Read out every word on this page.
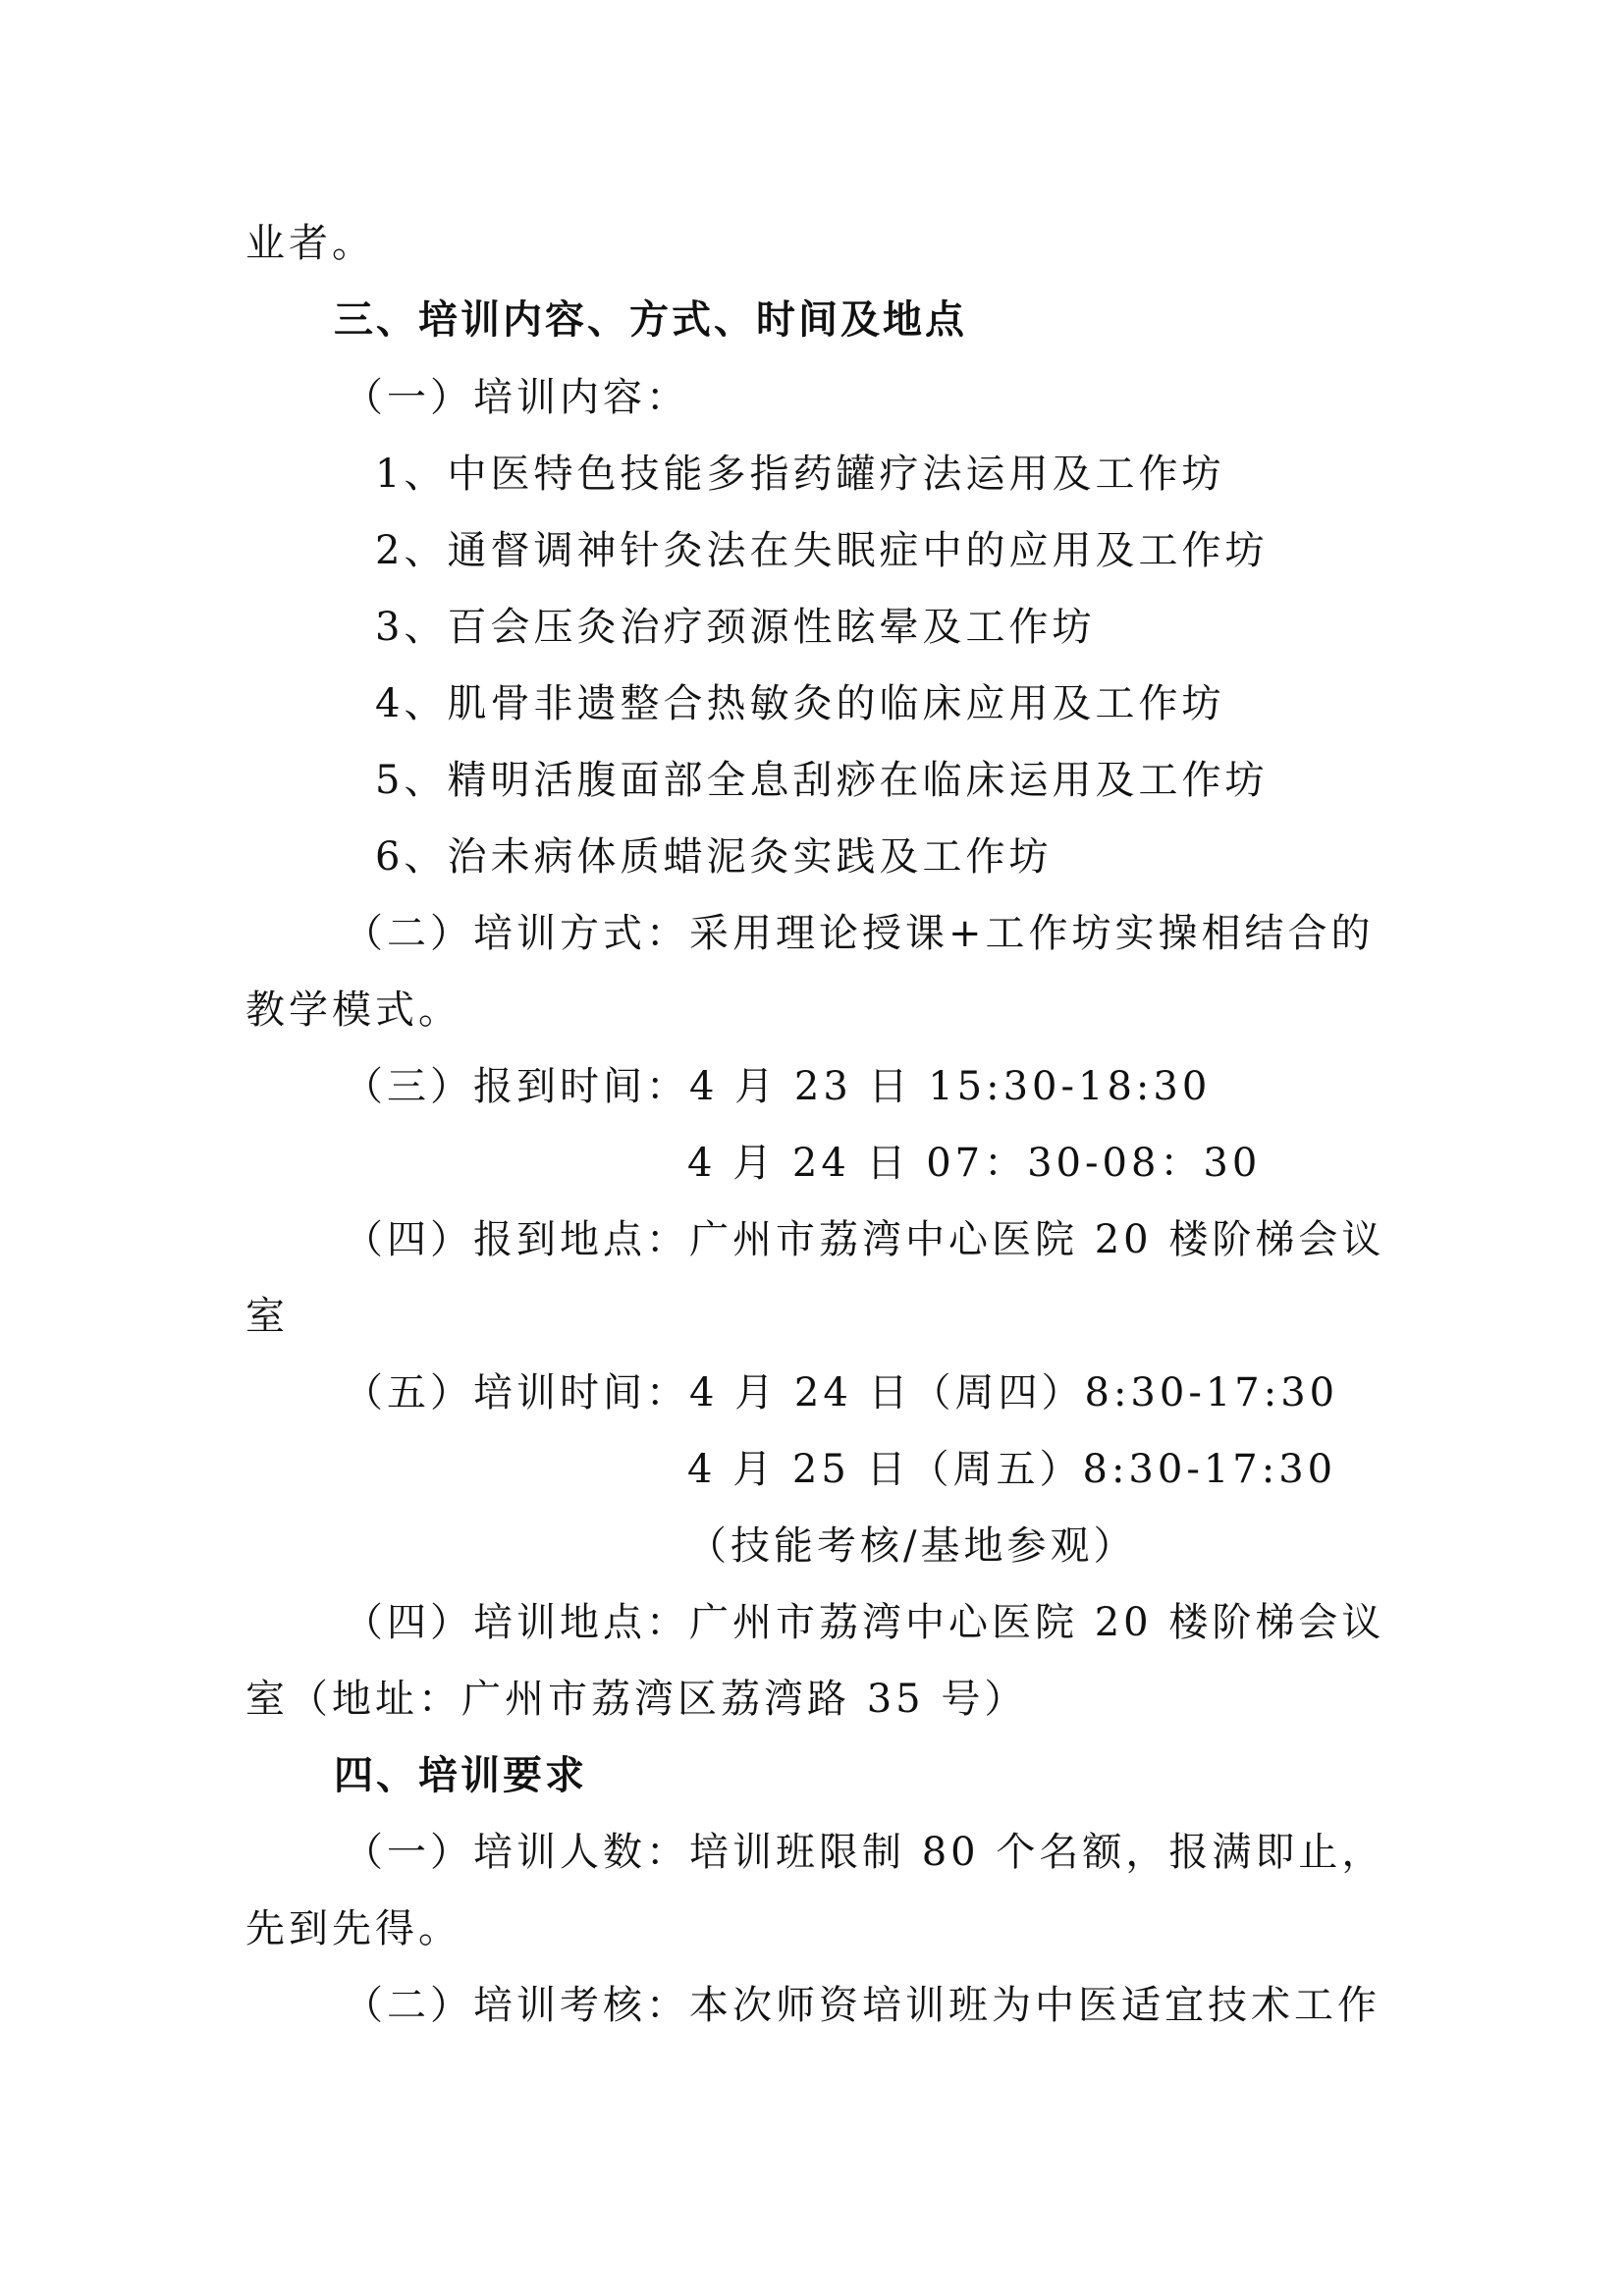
业者。
三、培训内容、方式、时间及地点
（一）培训内容：
1、中医特色技能多指药罐疗法运用及工作坊
2、通督调神针灸法在失眠症中的应用及工作坊
3、百会压灸治疗颈源性眩晕及工作坊
4、肌骨非遗整合热敏灸的临床应用及工作坊
5、精明活腹面部全息刮痧在临床运用及工作坊
6、治未病体质蜡泥灸实践及工作坊
（二）培训方式：采用理论授课+工作坊实操相结合的
教学模式。
（三）报到时间：4 月 23 日 15:30-18:30
4 月 24 日 07：30-08：30
（四）报到地点：广州市荔湾中心医院 20 楼阶梯会议
室
（五）培训时间：4 月 24 日（周四）8:30-17:30
4 月 25 日（周五）8:30-17:30
（技能考核/基地参观）
（四）培训地点：广州市荔湾中心医院 20 楼阶梯会议
室（地址：广州市荔湾区荔湾路 35 号）
四、培训要求
（一）培训人数：培训班限制 80 个名额，报满即止，
先到先得。
（二）培训考核：本次师资培训班为中医适宜技术工作
